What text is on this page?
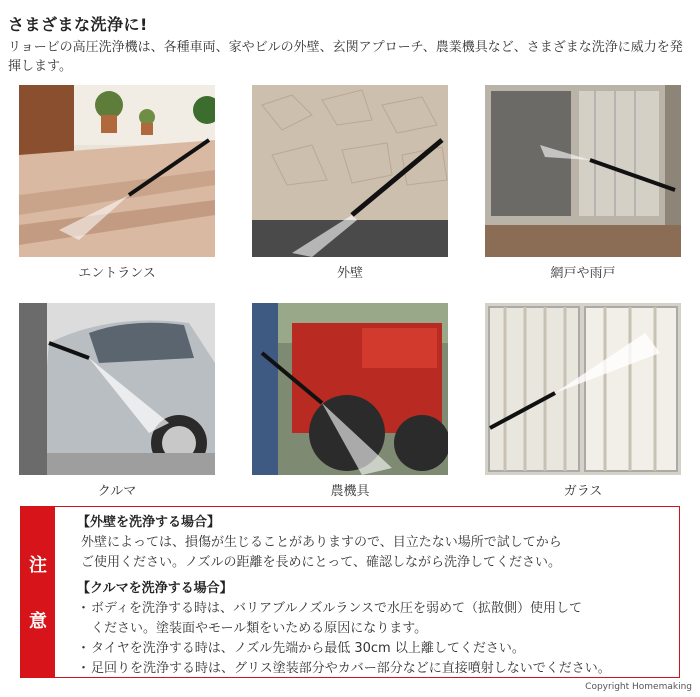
さまざまな洗浄に!
リョービの高圧洗浄機は、各種車両、家やビルの外壁、玄関アプローチ、農業機具など、さまざまな洗浄に威力を発揮します。
エントランス	外壁	網戸や雨戸
クルマ	農機具	ガラス
注
意
【外壁を洗浄する場合】
外壁によっては、損傷が生じることがありますので、目立たない場所で試してから
ご使用ください。ノズルの距離を長めにとって、確認しながら洗浄してください。
【クルマを洗浄する場合】
・ ボディを洗浄する時は、バリアブルノズルランスで水圧を弱めて（拡散側）使用して
ください。塗装面やモール類をいためる原因になります。
・ タイヤを洗浄する時は、ノズル先端から最低 30cm 以上離してください。
・ 足回りを洗浄する時は、グリス塗装部分やカバー部分などに直接噴射しないでください。
Copyright Homemaking
